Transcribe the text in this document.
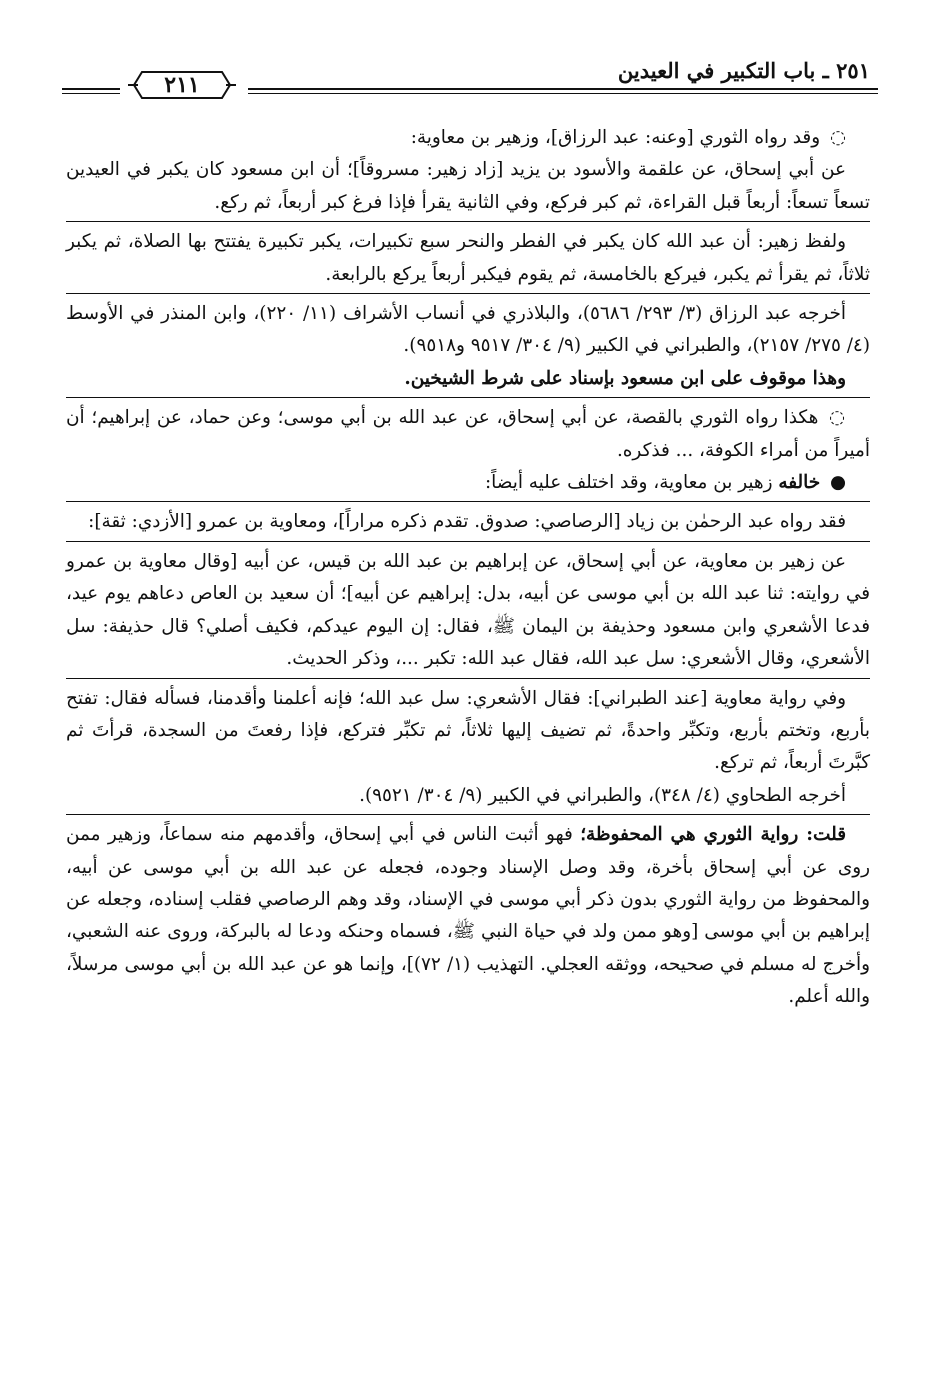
٢٥١ ـ باب التكبير في العيدين
٢١١

◌ وقد رواه الثوري [وعنه: عبد الرزاق]، وزهير بن معاوية:

عن أبي إسحاق، عن علقمة والأسود بن يزيد [زاد زهير: مسروقاً]؛ أن ابن مسعود كان يكبر في العيدين تسعاً تسعاً: أربعاً قبل القراءة، ثم كبر فركع، وفي الثانية يقرأ فإذا فرغ كبر أربعاً، ثم ركع.

ولفظ زهير: أن عبد الله كان يكبر في الفطر والنحر سبع تكبيرات، يكبر تكبيرة يفتتح بها الصلاة، ثم يكبر ثلاثاً، ثم يقرأ ثم يكبر، فيركع بالخامسة، ثم يقوم فيكبر أربعاً يركع بالرابعة.

أخرجه عبد الرزاق (٣/ ٢٩٣/ ٥٦٨٦)، والبلاذري في أنساب الأشراف (١١/ ٢٢٠)، وابن المنذر في الأوسط (٤/ ٢٧٥/ ٢١٥٧)، والطبراني في الكبير (٩/ ٣٠٤/ ٩٥١٧ و٩٥١٨).

وهذا موقوف على ابن مسعود بإسناد على شرط الشيخين.

◌ هكذا رواه الثوري بالقصة، عن أبي إسحاق، عن عبد الله بن أبي موسى؛ وعن حماد، عن إبراهيم؛ أن أميراً من أمراء الكوفة، ... فذكره.

● خالفه زهير بن معاوية، وقد اختلف عليه أيضاً:

فقد رواه عبد الرحمٰن بن زياد [الرصاصي: صدوق. تقدم ذكره مراراً]، ومعاوية بن عمرو [الأزدي: ثقة]:

عن زهير بن معاوية، عن أبي إسحاق، عن إبراهيم بن عبد الله بن قيس، عن أبيه [وقال معاوية بن عمرو في روايته: ثنا عبد الله بن أبي موسى عن أبيه، بدل: إبراهيم عن أبيه]؛ أن سعيد بن العاص دعاهم يوم عيد، فدعا الأشعري وابن مسعود وحذيفة بن اليمان ﷺ، فقال: إن اليوم عيدكم، فكيف أصلي؟ قال حذيفة: سل الأشعري، وقال الأشعري: سل عبد الله، فقال عبد الله: تكبر ...، وذكر الحديث.

وفي رواية معاوية [عند الطبراني]: فقال الأشعري: سل عبد الله؛ فإنه أعلمنا وأقدمنا، فسأله فقال: تفتح بأربع، وتختم بأربع، وتكبِّر واحدةً، ثم تضيف إليها ثلاثاً، ثم تكبِّر فتركع، فإذا رفعتَ من السجدة، قرأتَ ثم كبَّرتَ أربعاً، ثم تركع.

أخرجه الطحاوي (٤/ ٣٤٨)، والطبراني في الكبير (٩/ ٣٠٤/ ٩٥٢١).

قلت: رواية الثوري هي المحفوظة؛ فهو أثبت الناس في أبي إسحاق، وأقدمهم منه سماعاً، وزهير ممن روى عن أبي إسحاق بأخرة، وقد وصل الإسناد وجوده، فجعله عن عبد الله بن أبي موسى عن أبيه، والمحفوظ من رواية الثوري بدون ذكر أبي موسى في الإسناد، وقد وهم الرصاصي فقلب إسناده، وجعله عن إبراهيم بن أبي موسى [وهو ممن ولد في حياة النبي ﷺ، فسماه وحنكه ودعا له بالبركة، وروى عنه الشعبي، وأخرج له مسلم في صحيحه، ووثقه العجلي. التهذيب (١/ ٧٢)]، وإنما هو عن عبد الله بن أبي موسى مرسلاً، والله أعلم.
